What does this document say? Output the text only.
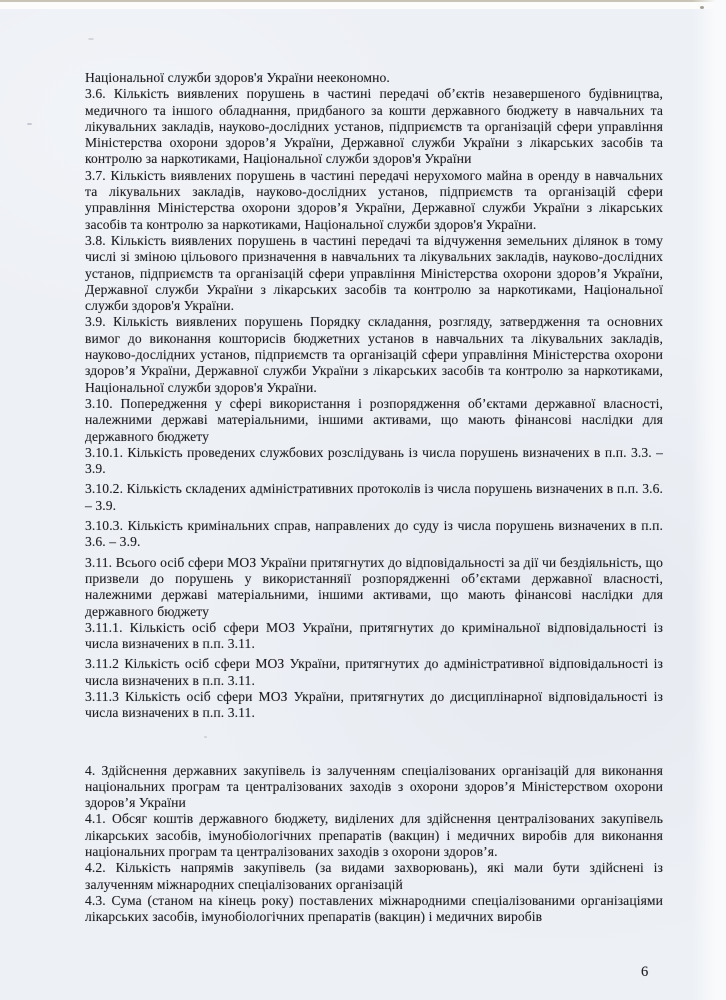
Національної служби здоров'я України неекономно.

3.6. Кількість виявлених порушень в частині передачі об’єктів незавершеного будівництва, медичного та іншого обладнання, придбаного за кошти державного бюджету в навчальних та лікувальних закладів, науково-дослідних установ, підприємств та організацій сфери управління Міністерства охорони здоров’я України, Державної служби України з лікарських засобів та контролю за наркотиками, Національної служби здоров'я України

3.7. Кількість виявлених порушень в частині передачі нерухомого майна в оренду в навчальних та лікувальних закладів, науково-дослідних установ, підприємств та організацій сфери управління Міністерства охорони здоров’я України, Державної служби України з лікарських засобів та контролю за наркотиками, Національної служби здоров'я України.

3.8. Кількість виявлених порушень в частині передачі та відчуження земельних ділянок в тому числі зі зміною цільового призначення в навчальних та лікувальних закладів, науково-дослідних установ, підприємств та організацій сфери управління Міністерства охорони здоров’я України, Державної служби України з лікарських засобів та контролю за наркотиками, Національної служби здоров'я України.

3.9. Кількість виявлених порушень Порядку складання, розгляду, затвердження та основних вимог до виконання кошторисів бюджетних установ в навчальних та лікувальних закладів, науково-дослідних установ, підприємств та організацій сфери управління Міністерства охорони здоров’я України, Державної служби України з лікарських засобів та контролю за наркотиками, Національної служби здоров'я України.

3.10. Попередження у сфері використання і розпорядження об’єктами державної власності, належними державі матеріальними, іншими активами, що мають фінансові наслідки для державного бюджету

3.10.1. Кількість проведених службових розслідувань із числа порушень визначених в п.п. 3.3. – 3.9.

3.10.2. Кількість складених адміністративних протоколів із числа порушень визначених в п.п. 3.6. – 3.9.

3.10.3. Кількість кримінальних справ, направлених до суду із числа порушень визначених в п.п. 3.6. – 3.9.

3.11. Всього осіб сфери МОЗ України притягнутих до відповідальності за дії чи бездіяльність, що призвели до порушень у використанняії розпорядженні об’єктами державної власності, належними державі матеріальними, іншими активами, що мають фінансові наслідки для державного бюджету

3.11.1. Кількість осіб сфери МОЗ України, притягнутих до кримінальної відповідальності із числа визначених в п.п. 3.11.

3.11.2 Кількість осіб сфери МОЗ України, притягнутих до адміністративної відповідальності із числа визначених в п.п. 3.11.

3.11.3 Кількість осіб сфери МОЗ України, притягнутих до дисциплінарної відповідальності із числа визначених в п.п. 3.11.

4. Здійснення державних закупівель із залученням спеціалізованих організацій для виконання національних програм та централізованих заходів з охорони здоров’я Міністерством охорони здоров’я України

4.1. Обсяг коштів державного бюджету, виділених для здійснення централізованих закупівель лікарських засобів, імунобіологічних препаратів (вакцин) і медичних виробів для виконання національних програм та централізованих заходів з охорони здоров’я.

4.2. Кількість напрямів закупівель (за видами захворювань), які мали бути здійснені із залученням міжнародних спеціалізованих організацій

4.3. Сума (станом на кінець року) поставлених міжнародними спеціалізованими організаціями лікарських засобів, імунобіологічних препаратів (вакцин) і медичних виробів

6
